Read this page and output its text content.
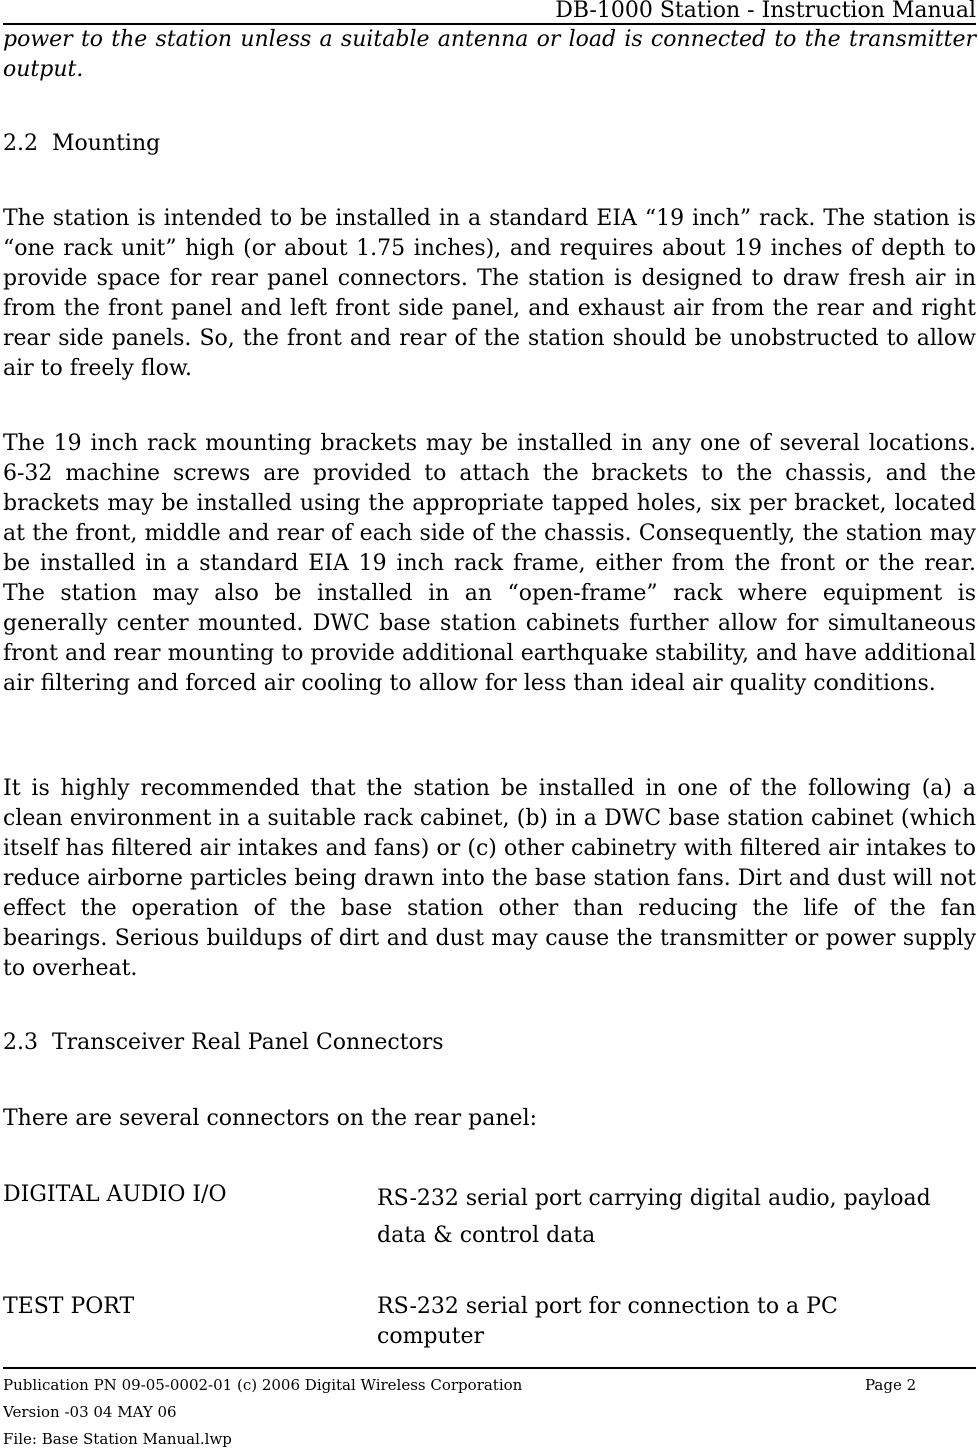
DB-1000 Station - Instruction Manual
power to the station unless a suitable antenna or load is connected to the transmitter output.
2.2  Mounting
The station is intended to be installed in a standard EIA “19 inch” rack. The station is “one rack unit” high (or about 1.75 inches), and requires about 19 inches of depth to provide space for rear panel connectors. The station is designed to draw fresh air in from the front panel and left front side panel, and exhaust air from the rear and right rear side panels. So, the front and rear of the station should be unobstructed to allow air to freely flow.
The 19 inch rack mounting brackets may be installed in any one of several locations. 6-32 machine screws are provided to attach the brackets to the chassis, and the brackets may be installed using the appropriate tapped holes, six per bracket, located at the front, middle and rear of each side of the chassis. Consequently, the station may be installed in a standard EIA 19 inch rack frame, either from the front or the rear. The station may also be installed in an “open-frame” rack where equipment is generally center mounted. DWC base station cabinets further allow for simultaneous front and rear mounting to provide additional earthquake stability, and have additional air filtering and forced air cooling to allow for less than ideal air quality conditions.
It is highly recommended that the station be installed in one of the following (a) a clean environment in a suitable rack cabinet, (b) in a DWC base station cabinet (which itself has filtered air intakes and fans) or (c) other cabinetry with filtered air intakes to reduce airborne particles being drawn into the base station fans. Dirt and dust will not effect the operation of the base station other than reducing the life of the fan bearings. Serious buildups of dirt and dust may cause the transmitter or power supply to overheat.
2.3  Transceiver Real Panel Connectors
There are several connectors on the rear panel:
DIGITAL AUDIO I/O	RS-232 serial port carrying digital audio, payload data & control data
TEST PORT	RS-232 serial port for connection to a PC computer
Publication PN 09-05-0002-01 (c) 2006 Digital Wireless Corporation	Page 2
Version -03 04 MAY 06
File: Base Station Manual.lwp
